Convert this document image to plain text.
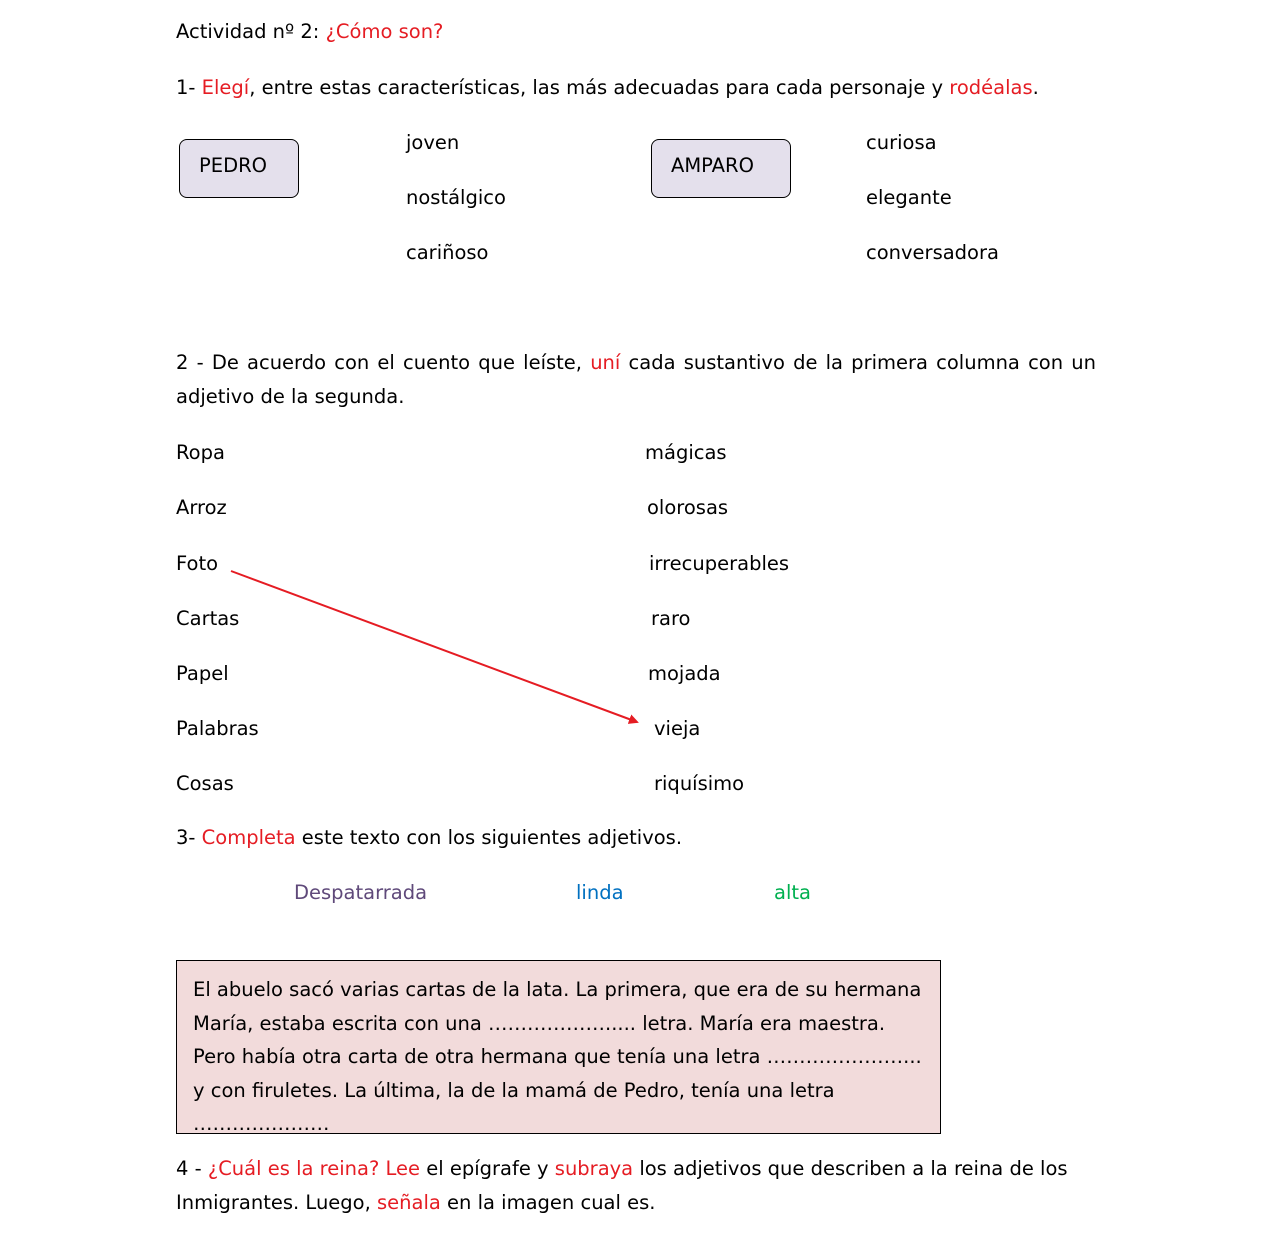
Actividad nº 2: ¿Cómo son?
1- Elegí, entre estas características, las más adecuadas para cada personaje y rodéalas.
PEDRO
joven
nostálgico
cariñoso
AMPARO
curiosa
elegante
conversadora
2 - De acuerdo con el cuento que leíste, uní cada sustantivo de la primera columna con un
adjetivo de la segunda.
Ropa
Arroz
Foto
Cartas
Papel
Palabras
Cosas
mágicas
olorosas
irrecuperables
raro
mojada
vieja
riquísimo
3- Completa este texto con los siguientes adjetivos.
Despatarrada	linda	alta

El abuelo sacó varias cartas de la lata. La primera, que era de su hermana María, estaba escrita con una ………………..... letra. María era maestra. Pero había otra carta de otra hermana que tenía una letra …………………... y con firuletes. La última, la de la mamá de Pedro, tenía una letra …………………

4 - ¿Cuál es la reina? Lee el epígrafe y subraya los adjetivos que describen a la reina de los
Inmigrantes. Luego, señala en la imagen cual es.
